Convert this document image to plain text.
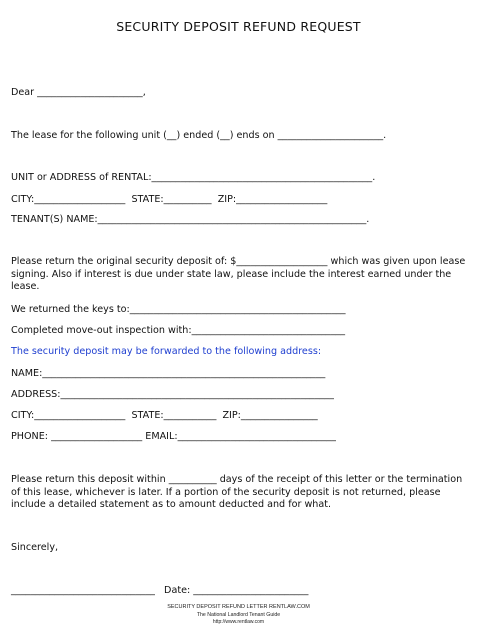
SECURITY DEPOSIT REFUND REQUEST
Dear ______________________,
The lease for the following unit (__) ended (__) ends on ______________________.
UNIT or ADDRESS of RENTAL:______________________________________________.
CITY:___________________  STATE:__________  ZIP:___________________
TENANT(S) NAME:________________________________________________________.
Please return the original security deposit of: $___________________ which was given upon lease signing. Also if interest is due under state law, please include the interest earned under the lease.
We returned the keys to:_____________________________________________
Completed move-out inspection with:________________________________
The security deposit may be forwarded to the following address:
NAME:___________________________________________________________
ADDRESS:_________________________________________________________
CITY:___________________  STATE:___________  ZIP:________________
PHONE: ___________________ EMAIL:_________________________________
Please return this deposit within __________ days of the receipt of this letter or the termination of this lease, whichever is later. If a portion of the security deposit is not returned, please include a detailed statement as to amount deducted and for what.
Sincerely,
______________________________   Date: ________________________
SECURITY DEPOSIT REFUND LETTER RENTLAW.COM
The National Landlord Tenant Guide
http://www.rentlaw.com
